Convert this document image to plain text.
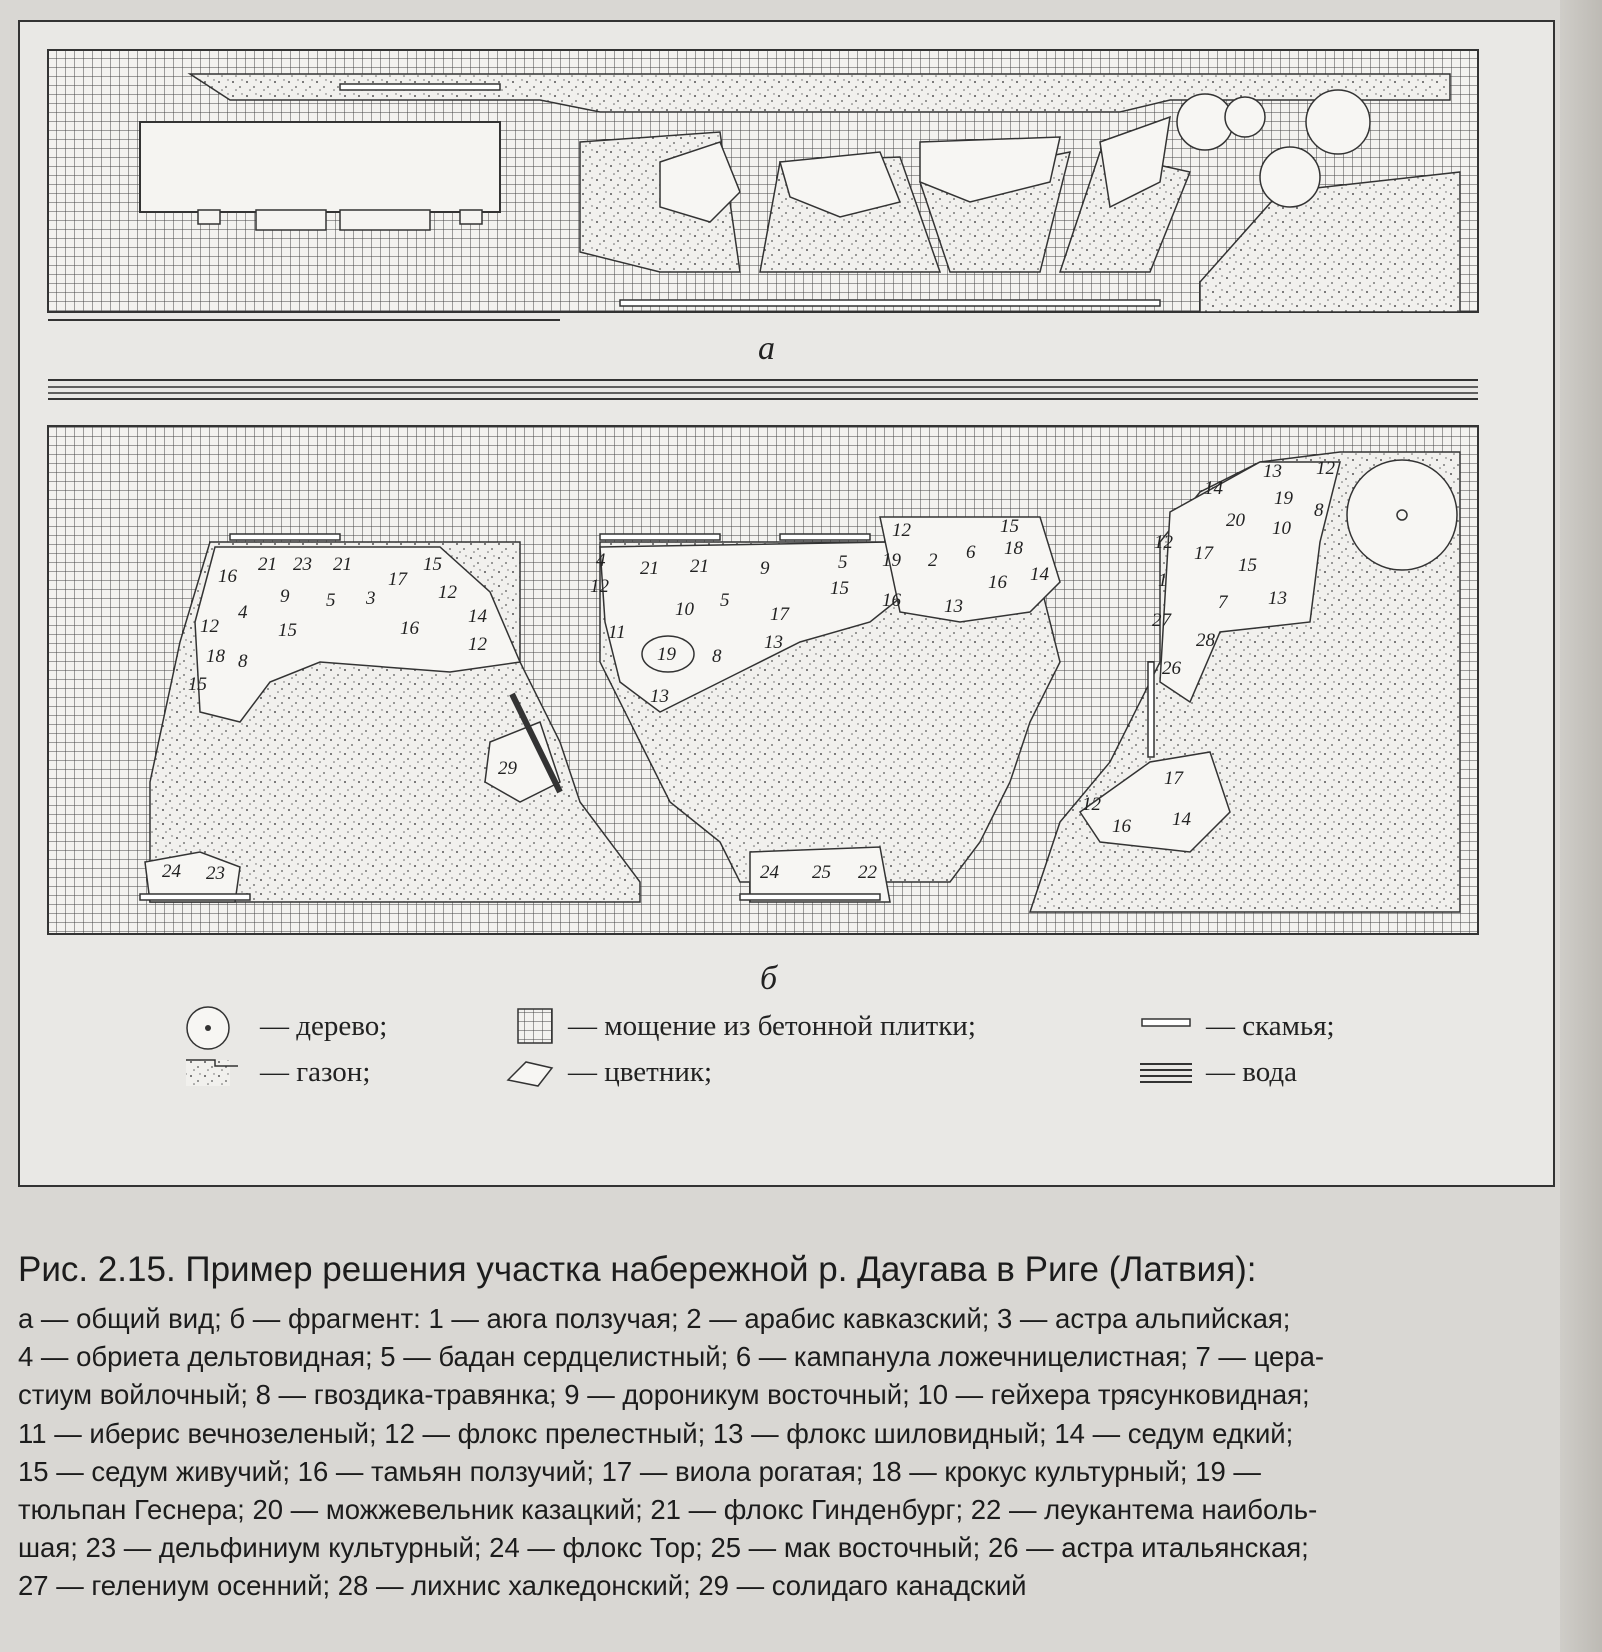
16
21 23 21	15
17
12
4
9 5 3
12
18
15	16
14
8
12
15
4 21 21	9	5
12
10 5
17
15
11
19 8
13
13
12	15
18
19 2 6
16 14
16 13
13 12
14	19
8
20 10
12
17
15
1
7 13
27
28
26
29
24 23	24 25 22
17
12
16 14
а
б
— дерево;	— мощение из бетонной плитки;	— скамья;
— газон;	— цветник;	— вода
Рис. 2.15. Пример решения участка набережной р. Даугава в Риге (Латвия):
а — общий вид; б — фрагмент: 1 — аюга ползучая; 2 — арабис кавказский; 3 — астра альпийская;
4 — обриета дельтовидная; 5 — бадан сердцелистный; 6 — кампанула ложечницелистная; 7 — цера-
стиум войлочный; 8 — гвоздика-травянка; 9 — дороникум восточный; 10 — гейхера трясунковидная;
11 — иберис вечнозеленый; 12 — флокс прелестный; 13 — флокс шиловидный; 14 — седум едкий;
15 — седум живучий; 16 — тамьян ползучий; 17 — виола рогатая; 18 — крокус культурный; 19 —
тюльпан Геснера; 20 — можжевельник казацкий; 21 — флокс Гинденбург; 22 — леукантема наиболь-
шая; 23 — дельфиниум культурный; 24 — флокс Тор; 25 — мак восточный; 26 — астра итальянская;
27 — гелениум осенний; 28 — лихнис халкедонский; 29 — солидаго канадский
